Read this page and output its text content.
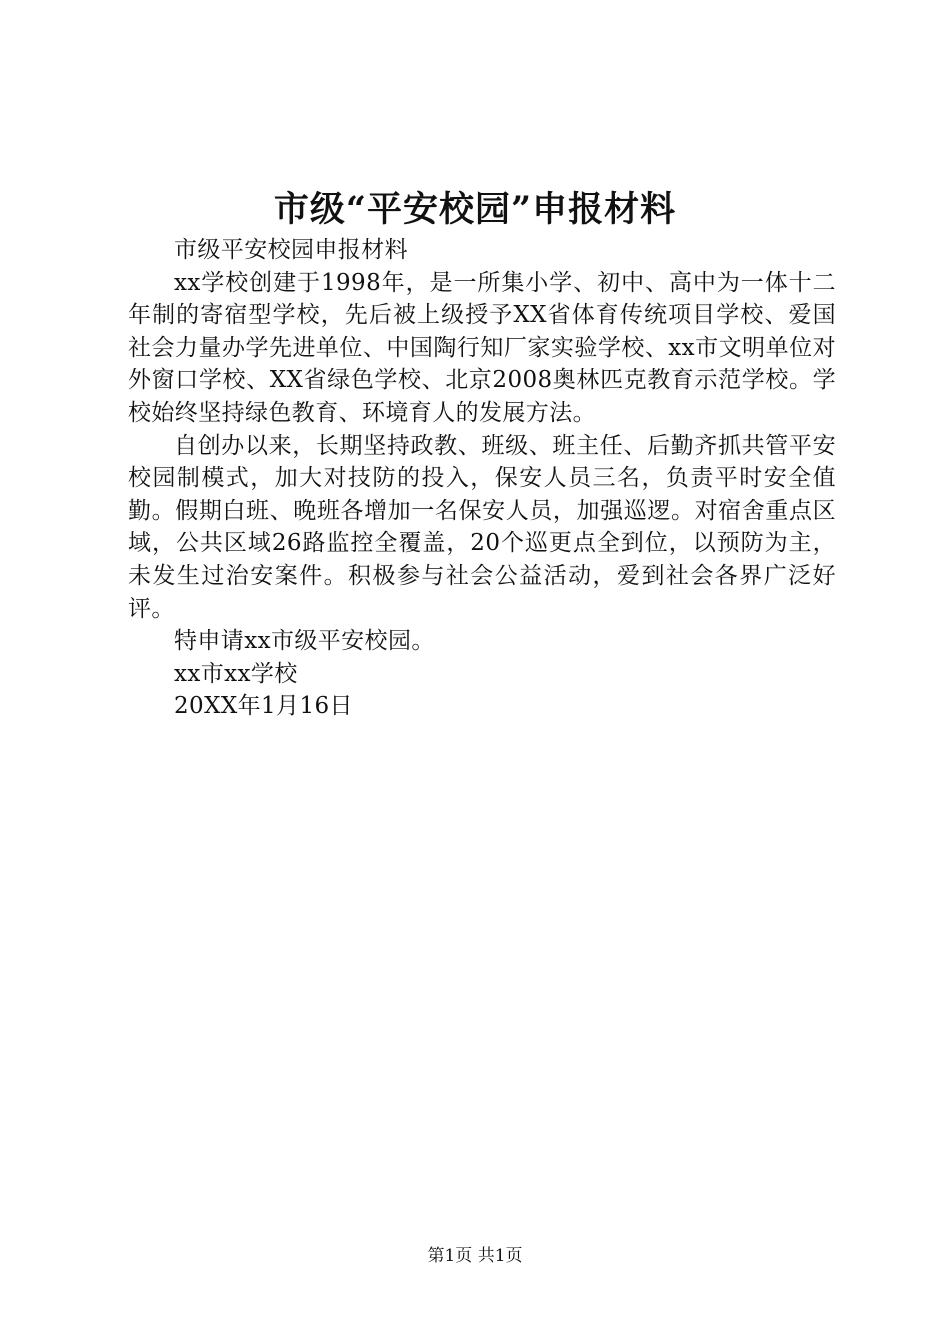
市级“平安校园”申报材料

市级平安校园申报材料

xx学校创建于1998年，是一所集小学、初中、高中为一体十二年制的寄宿型学校，先后被上级授予XX省体育传统项目学校、爱国社会力量办学先进单位、中国陶行知厂家实验学校、xx市文明单位对外窗口学校、XX省绿色学校、北京2008奥林匹克教育示范学校。学校始终坚持绿色教育、环境育人的发展方法。

自创办以来，长期坚持政教、班级、班主任、后勤齐抓共管平安校园制模式，加大对技防的投入，保安人员三名，负责平时安全值勤。假期白班、晚班各增加一名保安人员，加强巡逻。对宿舍重点区域，公共区域26路监控全覆盖，20个巡更点全到位，以预防为主，未发生过治安案件。积极参与社会公益活动，爱到社会各界广泛好评。

特申请xx市级平安校园。

xx市xx学校

20XX年1月16日

第1页 共1页
